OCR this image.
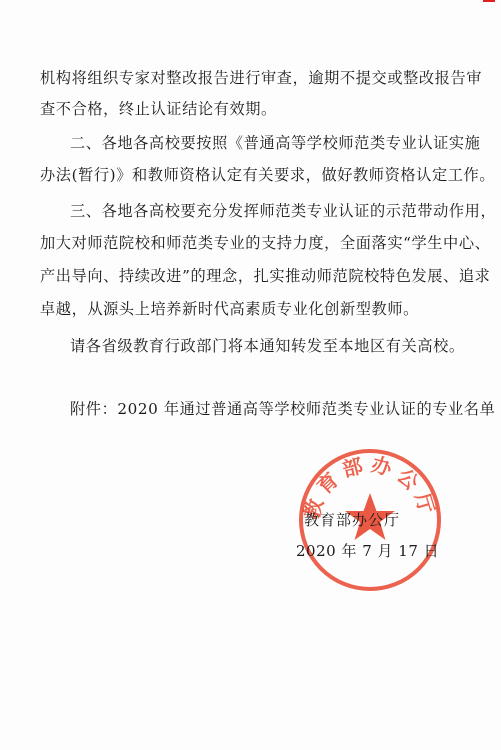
机构将组织专家对整改报告进行审查，逾期不提交或整改报告审
查不合格，终止认证结论有效期。
二、各地各高校要按照《普通高等学校师范类专业认证实施
办法(暂行)》和教师资格认定有关要求，做好教师资格认定工作。
三、各地各高校要充分发挥师范类专业认证的示范带动作用，
加大对师范院校和师范类专业的支持力度，全面落实“学生中心、
产出导向、持续改进”的理念，扎实推动师范院校特色发展、追求
卓越，从源头上培养新时代高素质专业化创新型教师。
请各省级教育行政部门将本通知转发至本地区有关高校。
附件：2020 年通过普通高等学校师范类专业认证的专业名单
教育部办公厅
教育部办公厅
2020 年 7 月 17 日
